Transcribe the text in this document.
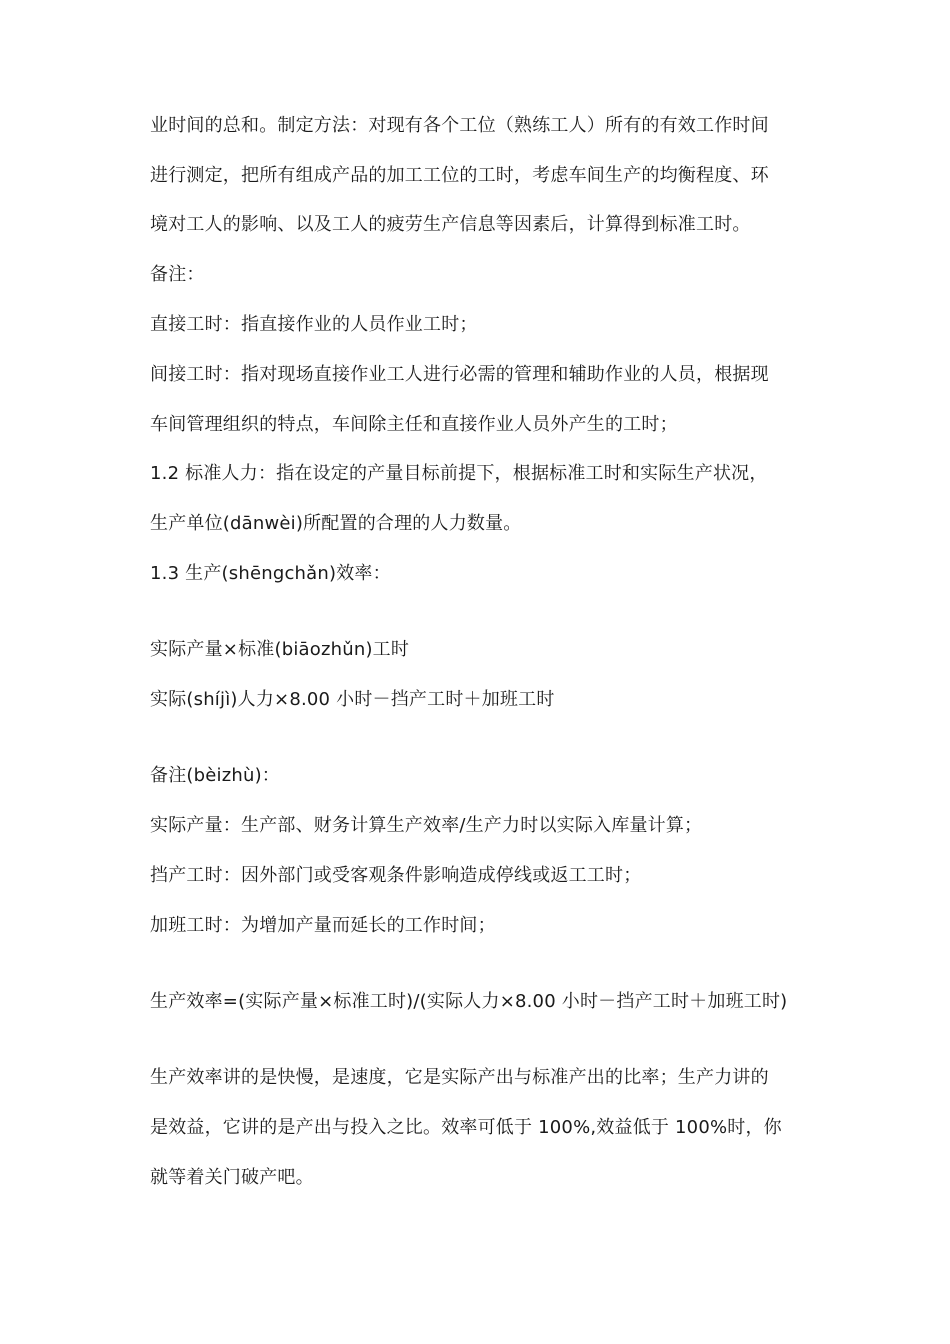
业时间的总和。制定方法：对现有各个工位（熟练工人）所有的有效工作时间
进行测定，把所有组成产品的加工工位的工时，考虑车间生产的均衡程度、环
境对工人的影响、以及工人的疲劳生产信息等因素后，计算得到标准工时。
备注：
直接工时：指直接作业的人员作业工时；
间接工时：指对现场直接作业工人进行必需的管理和辅助作业的人员，根据现
车间管理组织的特点，车间除主任和直接作业人员外产生的工时；
1.2 标准人力：指在设定的产量目标前提下，根据标准工时和实际生产状况，
生产单位(dānwèi)所配置的合理的人力数量。
1.3 生产(shēngchǎn)效率：
实际产量×标准(biāozhǔn)工时
实际(shíjì)人力×8.00 小时－挡产工时＋加班工时
备注(bèizhù)：
实际产量：生产部、财务计算生产效率/生产力时以实际入库量计算；
挡产工时：因外部门或受客观条件影响造成停线或返工工时；
加班工时：为增加产量而延长的工作时间；
生产效率=(实际产量×标准工时)/(实际人力×8.00 小时－挡产工时＋加班工时)
生产效率讲的是快慢，是速度，它是实际产出与标准产出的比率；生产力讲的
是效益，它讲的是产出与投入之比。效率可低于 100%,效益低于 100%时，你
就等着关门破产吧。
